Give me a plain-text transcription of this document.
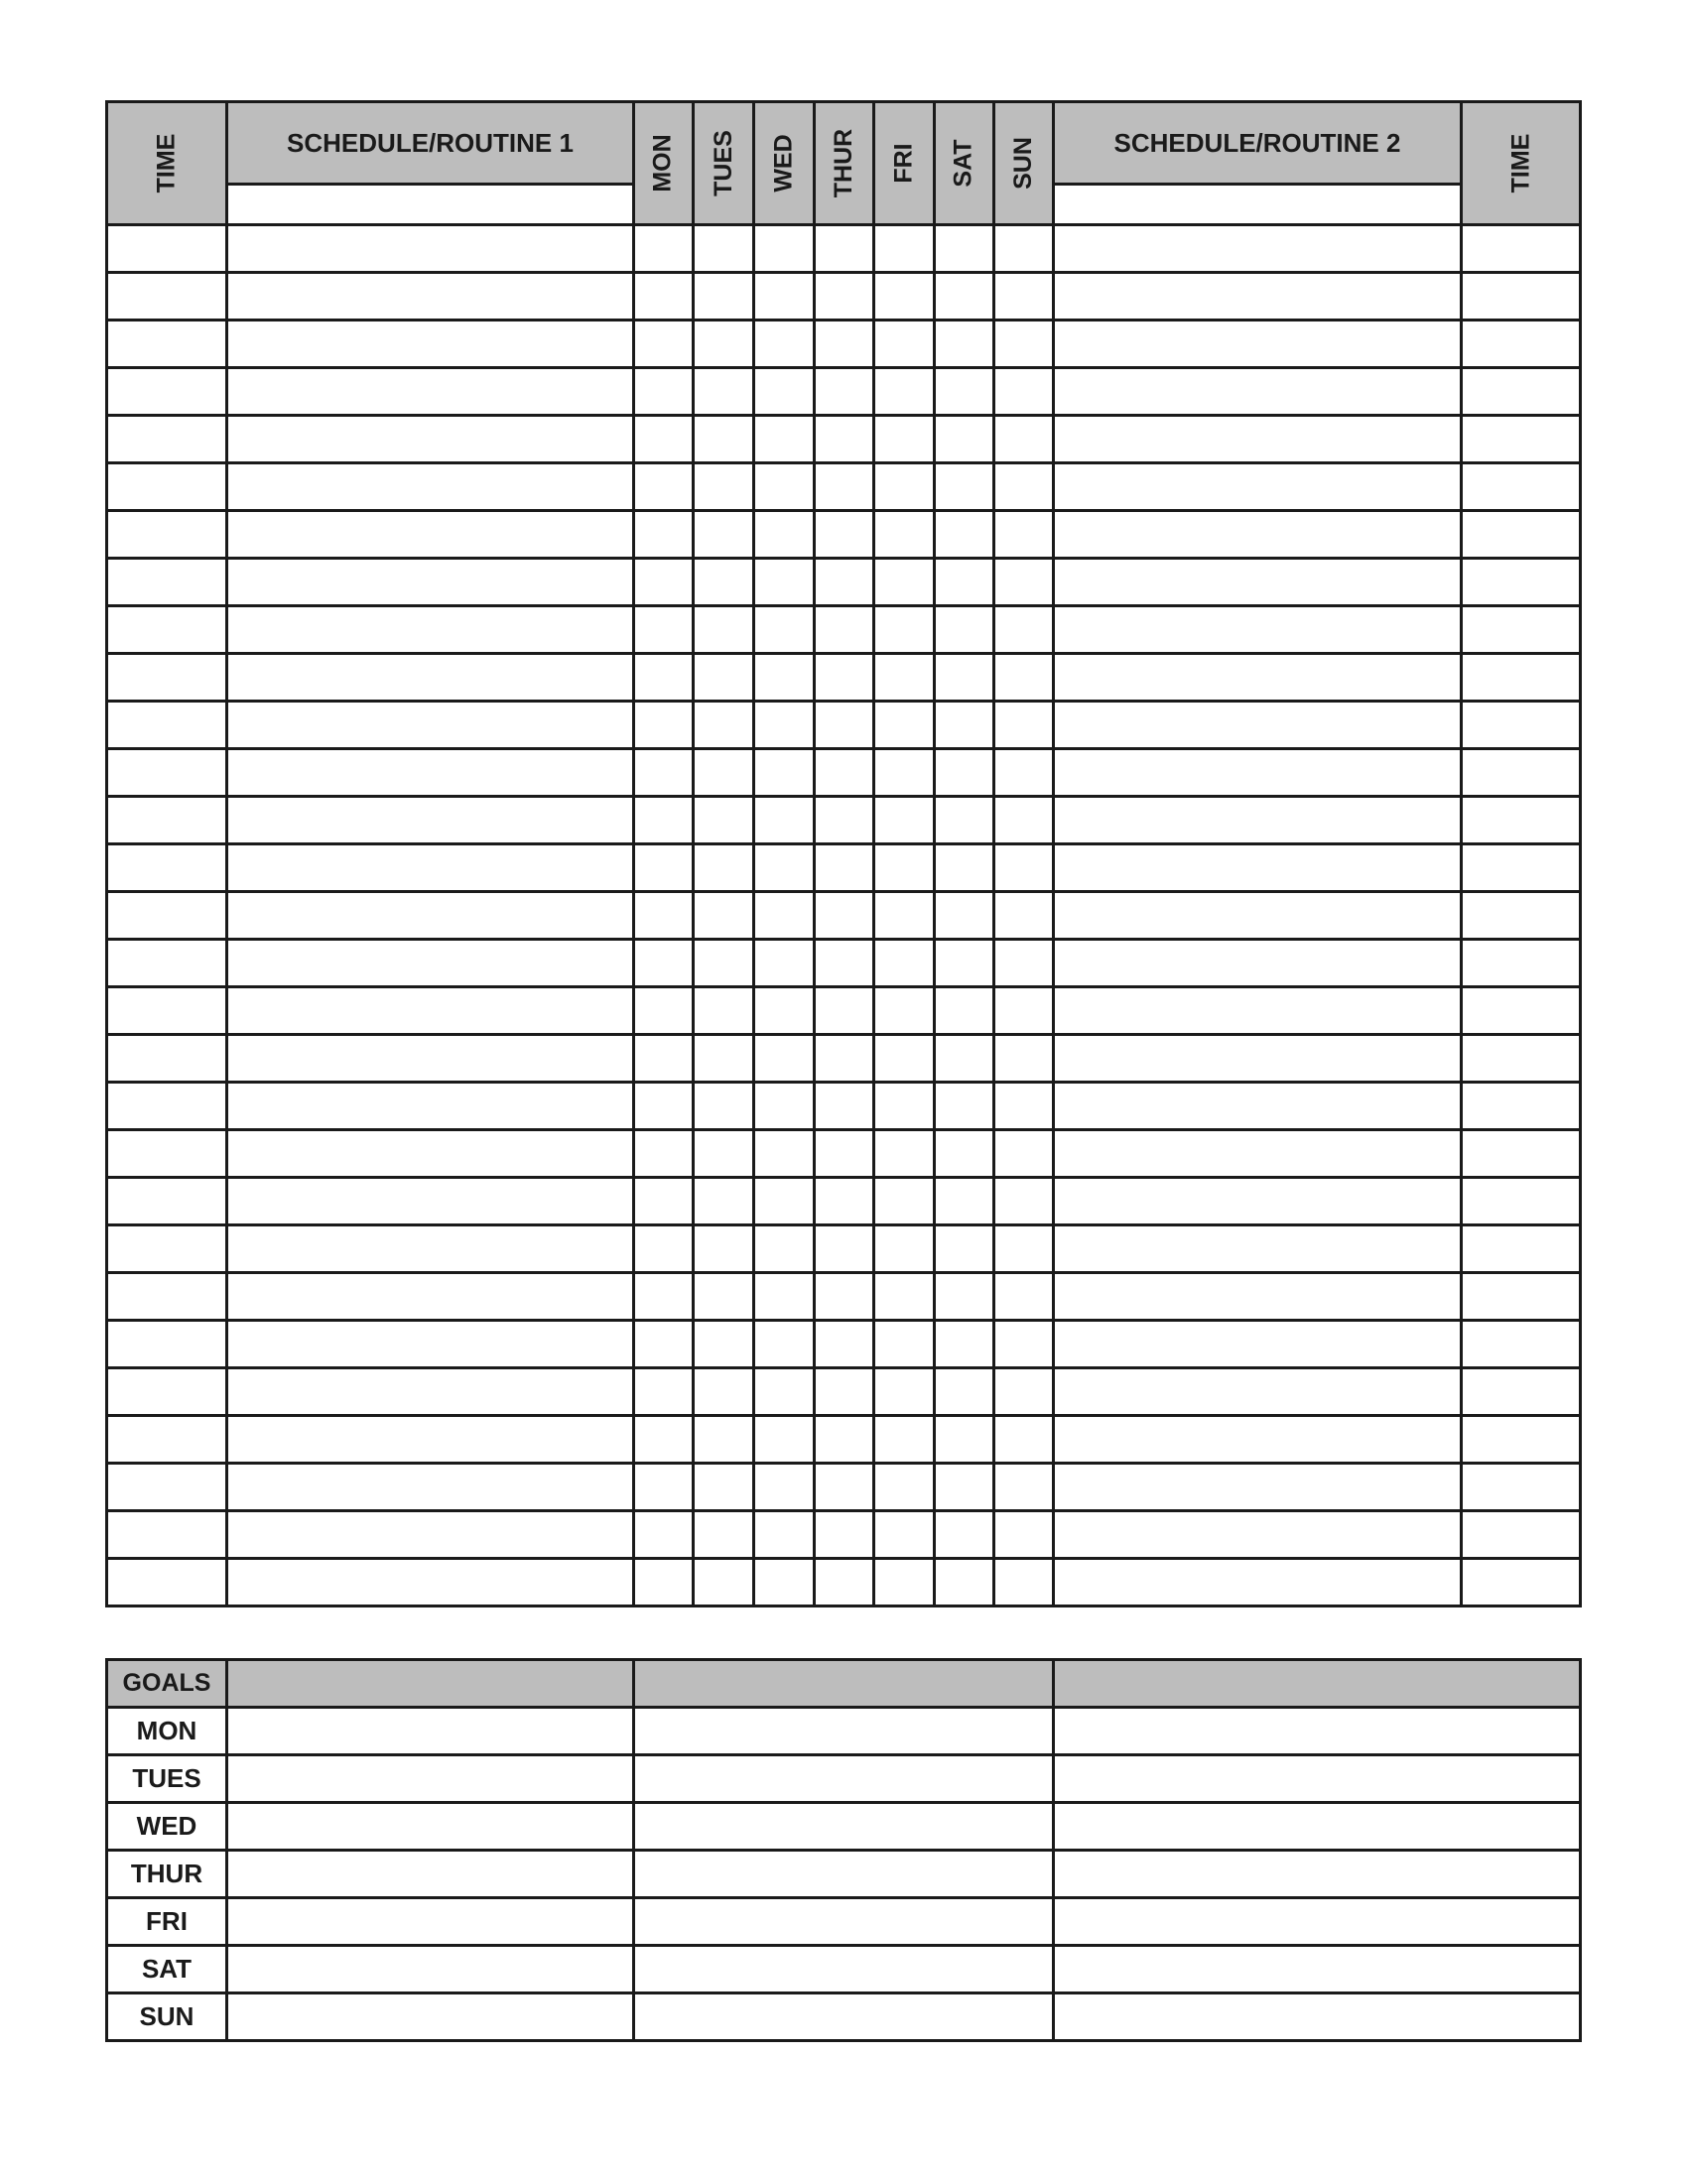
TIME	SCHEDULE/ROUTINE 1	MON	TUES	WED	THUR	FRI	SAT	SUN	SCHEDULE/ROUTINE 2	TIME

GOALS			
MON			
TUES			
WED			
THUR			
FRI			
SAT			
SUN			
